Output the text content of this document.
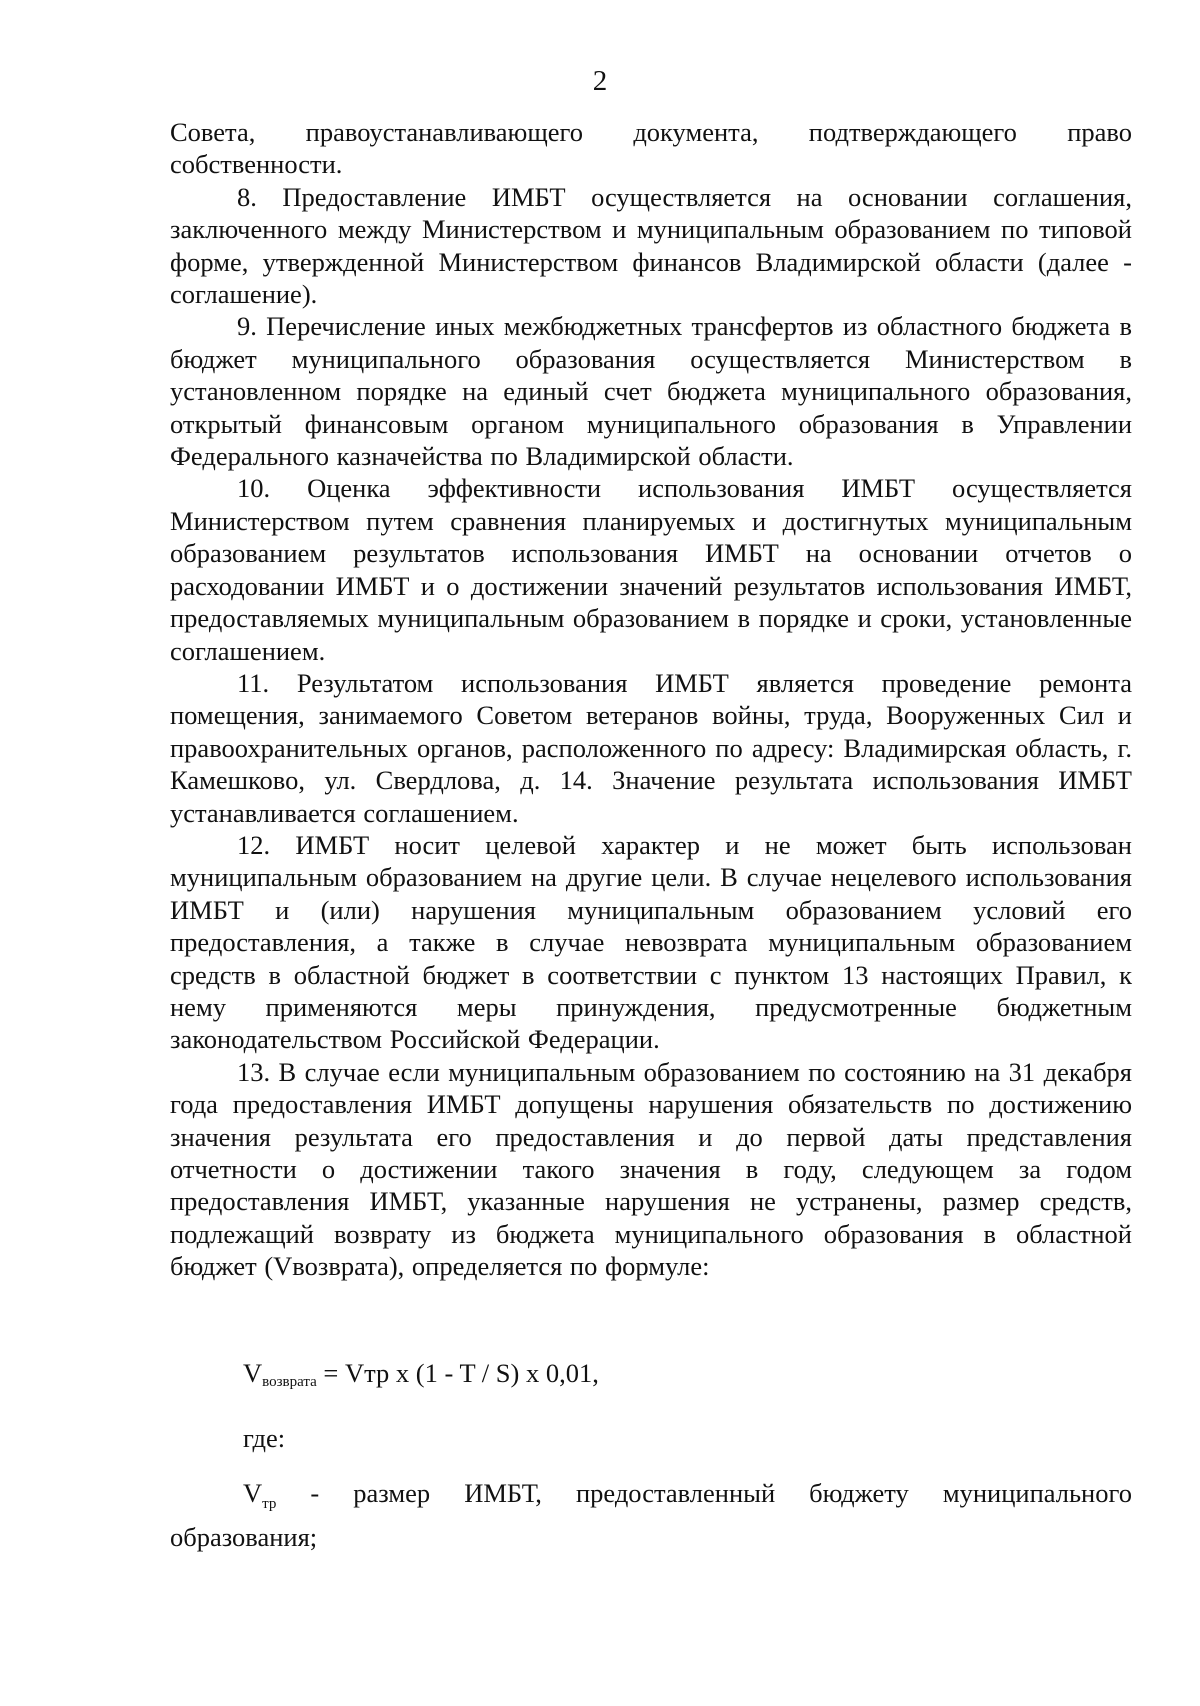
2

Совета, правоустанавливающего документа, подтверждающего право собственности.

8. Предоставление ИМБТ осуществляется на основании соглашения, заключенного между Министерством и муниципальным образованием по типовой форме, утвержденной Министерством финансов Владимирской области (далее - соглашение).

9. Перечисление иных межбюджетных трансфертов из областного бюджета в бюджет муниципального образования осуществляется Министерством в установленном порядке на единый счет бюджета муниципального образования, открытый финансовым органом муниципального образования в Управлении Федерального казначейства по Владимирской области.

10. Оценка эффективности использования ИМБТ осуществляется Министерством путем сравнения планируемых и достигнутых муниципальным образованием результатов использования ИМБТ на основании отчетов о расходовании ИМБТ и о достижении значений результатов использования ИМБТ, предоставляемых муниципальным образованием в порядке и сроки, установленные соглашением.

11. Результатом использования ИМБТ является проведение ремонта помещения, занимаемого Советом ветеранов войны, труда, Вооруженных Сил и правоохранительных органов, расположенного по адресу: Владимирская область, г. Камешково, ул. Свердлова, д. 14. Значение результата использования ИМБТ устанавливается соглашением.

12. ИМБТ носит целевой характер и не может быть использован муниципальным образованием на другие цели. В случае нецелевого использования ИМБТ и (или) нарушения муниципальным образованием условий его предоставления, а также в случае невозврата муниципальным образованием средств в областной бюджет в соответствии с пунктом 13 настоящих Правил, к нему применяются меры принуждения, предусмотренные бюджетным законодательством Российской Федерации.

13. В случае если муниципальным образованием по состоянию на 31 декабря года предоставления ИМБТ допущены нарушения обязательств по достижению значения результата его предоставления и до первой даты представления отчетности о достижении такого значения в году, следующем за годом предоставления ИМБТ, указанные нарушения не устранены, размер средств, подлежащий возврату из бюджета муниципального образования в областной бюджет (Vвозврата), определяется по формуле:

Vвозврата = Vтр x (1 - T / S) x 0,01,
где:
$V_{тр}$ - размер ИМБТ, предоставленный бюджету муниципального
образования;
